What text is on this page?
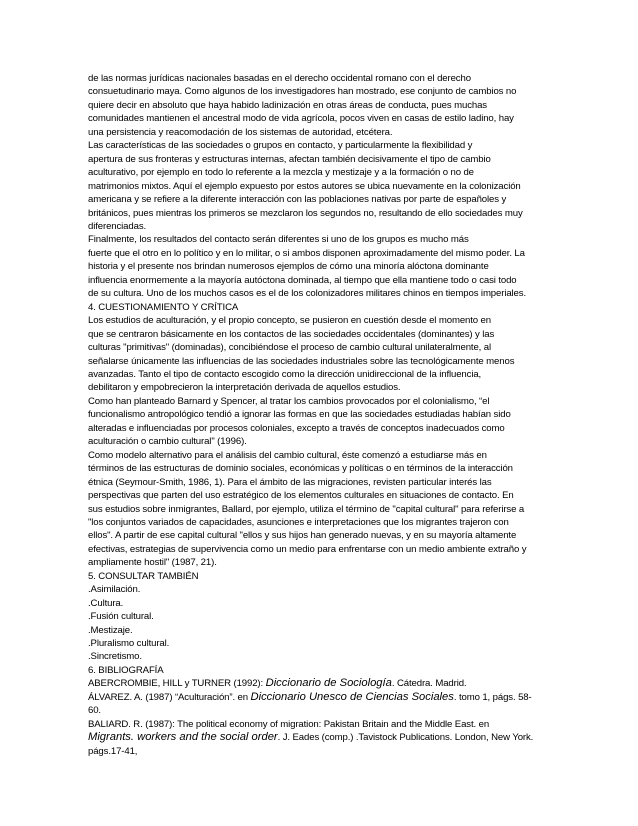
de las normas jurídicas nacionales basadas en el derecho occidental romano con el derecho
consuetudinario maya. Como algunos de los investigadores han mostrado, ese conjunto de cambios no
quiere decir en absoluto que haya habido ladinización en otras áreas de conducta, pues muchas
comunidades mantienen el ancestral modo de vida agrícola, pocos viven en casas de estilo ladino, hay
una persistencia y reacomodación de los sistemas de autoridad, etcétera.
Las características de las sociedades o grupos en contacto, y particularmente la flexibilidad y
apertura de sus fronteras y estructuras internas, afectan también decisivamente el tipo de cambio
aculturativo, por ejemplo en todo lo referente a la mezcla y mestizaje y a la formación o no de
matrimonios mixtos. Aquí el ejemplo expuesto por estos autores se ubica nuevamente en la colonización
americana y se refiere a la diferente interacción con las poblaciones nativas por parte de españoles y
británicos, pues mientras los primeros se mezclaron los segundos no, resultando de ello sociedades muy
diferenciadas.
Finalmente, los resultados del contacto serán diferentes si uno de los grupos es mucho más
fuerte que el otro en lo político y en lo militar, o si ambos disponen aproximadamente del mismo poder. La
historia y el presente nos brindan numerosos ejemplos de cómo una minoría alóctona dominante
influencia enormemente a la mayoría autóctona dominada, al tiempo que ella mantiene todo o casi todo
de su cultura. Uno de los muchos casos es el de los colonizadores militares chinos en tiempos imperiales.
4. CUESTIONAMIENTO Y CRÍTICA
Los estudios de aculturación, y el propio concepto, se pusieron en cuestión desde el momento en
que se centraron básicamente en los contactos de las sociedades occidentales (dominantes) y las
culturas "primitivas" (dominadas), concibiéndose el proceso de cambio cultural unilateralmente, al
señalarse únicamente las influencias de las sociedades industriales sobre las tecnológicamente menos
avanzadas. Tanto el tipo de contacto escogido como la dirección unidireccional de la influencia,
debilitaron y empobrecieron la interpretación derivada de aquellos estudios.
Como han planteado Barnard y Spencer, al tratar los cambios provocados por el colonialismo, “el
funcionalismo antropológico tendió a ignorar las formas en que las sociedades estudiadas habían sido
alteradas e influenciadas por procesos coloniales, excepto a través de conceptos inadecuados como
aculturación o cambio cultural" (1996).
Como modelo alternativo para el análisis del cambio cultural, éste comenzó a estudiarse más en
términos de las estructuras de dominio sociales, económicas y políticas o en términos de la interacción
étnica (Seymour-Smith, 1986, 1). Para el ámbito de las migraciones, revisten particular interés las
perspectivas que parten del uso estratégico de los elementos culturales en situaciones de contacto. En
sus estudios sobre inmigrantes, Ballard, por ejemplo, utiliza el término de "capital cultural" para referirse a
"los conjuntos variados de capacidades, asunciones e interpretaciones que los migrantes trajeron con
ellos". A partir de ese capital cultural "ellos y sus hijos han generado nuevas, y en su mayoría altamente
efectivas, estrategias de supervivencia como un medio para enfrentarse con un medio ambiente extraño y
ampliamente hostil" (1987, 21).
5. CONSULTAR TAMBIÉN
.Asimilación.
.Cultura.
.Fusión cultural.
.Mestizaje.
.Pluralismo cultural.
.Sincretismo.
6. BIBLIOGRAFÍA
ABERCROMBIE, HILL y TURNER (1992): Diccionario de Sociología. Cátedra. Madrid.
ÁLVAREZ. A. (1987) “Aculturación”. en Diccionario Unesco de Ciencias Sociales. tomo 1, págs. 58-
60.
BALIARD. R. (1987): The political economy of migration: Pakistan Britain and the Middle East. en
Migrants. workers and the social order. J. Eades (comp.) .Tavistock Publications. London, New York.
págs.17-41,
